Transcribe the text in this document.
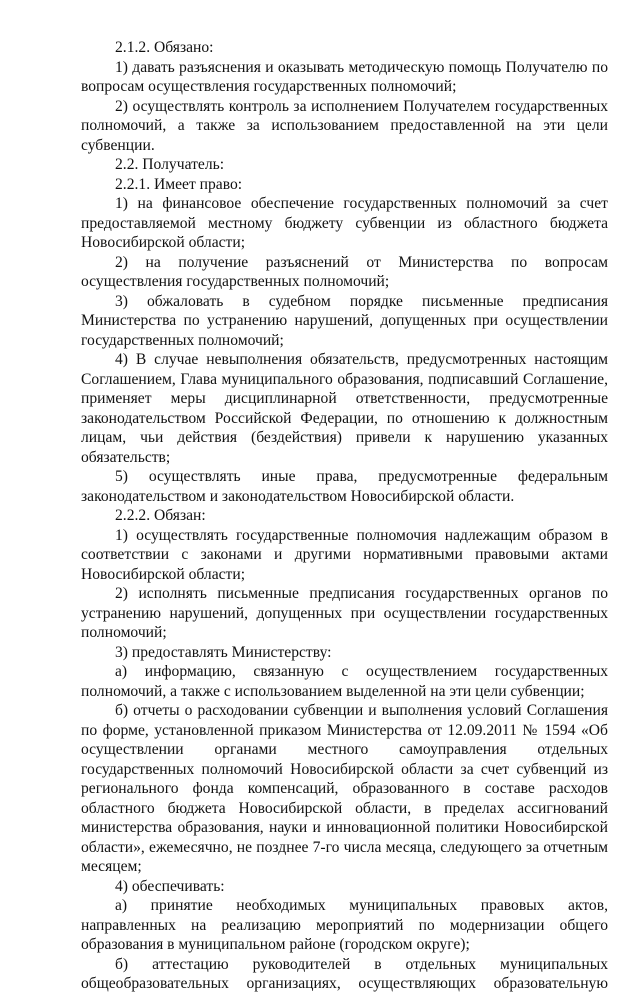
2.1.2. Обязано:

1) давать разъяснения и оказывать методическую помощь Получателю по вопросам осуществления государственных полномочий;

2) осуществлять контроль за исполнением Получателем государственных полномочий, а также за использованием предоставленной на эти цели субвенции.

2.2. Получатель:

2.2.1. Имеет право:

1) на финансовое обеспечение государственных полномочий за счет предоставляемой местному бюджету субвенции из областного бюджета Новосибирской области;

2) на получение разъяснений от Министерства по вопросам осуществления государственных полномочий;

3) обжаловать в судебном порядке письменные предписания Министерства по устранению нарушений, допущенных при осуществлении государственных полномочий;

4) В случае невыполнения обязательств, предусмотренных настоящим Соглашением, Глава муниципального образования, подписавший Соглашение, применяет меры дисциплинарной ответственности, предусмотренные законодательством Российской Федерации, по отношению к должностным лицам, чьи действия (бездействия) привели к нарушению указанных обязательств;

5) осуществлять иные права, предусмотренные федеральным законодательством и законодательством Новосибирской области.

2.2.2. Обязан:

1) осуществлять государственные полномочия надлежащим образом в соответствии с законами и другими нормативными правовыми актами Новосибирской области;

2) исполнять письменные предписания государственных органов по устранению нарушений, допущенных при осуществлении государственных полномочий;

3) предоставлять Министерству:

а) информацию, связанную с осуществлением государственных полномочий, а также с использованием выделенной на эти цели субвенции;

б) отчеты о расходовании субвенции и выполнения условий Соглашения по форме, установленной приказом Министерства от 12.09.2011 № 1594 «Об осуществлении органами местного самоуправления отдельных государственных полномочий Новосибирской области за счет субвенций из регионального фонда компенсаций, образованного в составе расходов областного бюджета Новосибирской области, в пределах ассигнований министерства образования, науки и инновационной политики Новосибирской области», ежемесячно, не позднее 7-го числа месяца, следующего за отчетным месяцем;

4) обеспечивать:

а) принятие необходимых муниципальных правовых актов, направленных на реализацию мероприятий по модернизации общего образования в муниципальном районе (городском округе);

б) аттестацию руководителей в отдельных муниципальных общеобразовательных организациях, осуществляющих образовательную
